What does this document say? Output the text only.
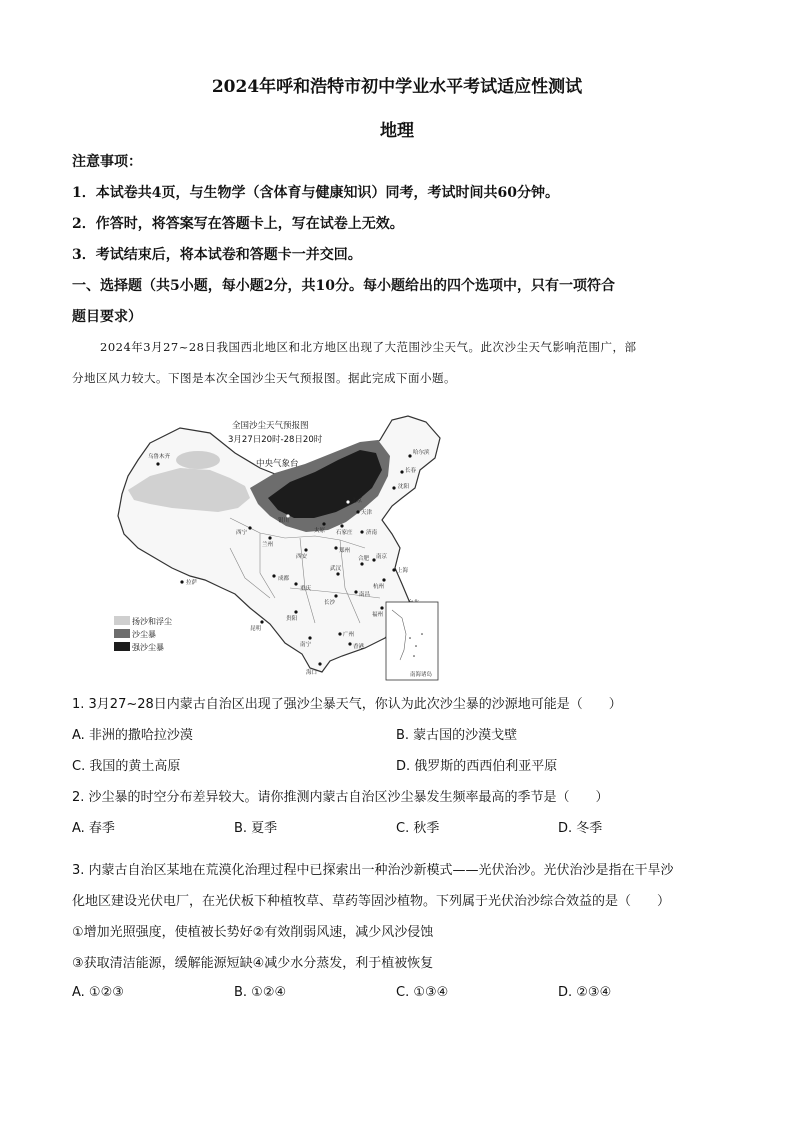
2024年呼和浩特市初中学业水平考试适应性测试
地理
注意事项：
1．本试卷共4页，与生物学（含体育与健康知识）同考，考试时间共60分钟。
2．作答时，将答案写在答题卡上，写在试卷上无效。
3．考试结束后，将本试卷和答题卡一并交回。
一、选择题（共5小题，每小题2分，共10分。每小题给出的四个选项中，只有一项符合
题目要求）
2024年3月27~28日我国西北地区和北方地区出现了大范围沙尘天气。此次沙尘天气影响范围广，部
分地区风力较大。下图是本次全国沙尘天气预报图。据此完成下面小题。
全国沙尘天气预报图
3月27日20时-28日20时
中央气象台
乌鲁木齐
哈尔滨
长春
沈阳
北京
天津
西宁
兰州
银川
太原 石家庄 济南
西安
郑州
拉萨
成都
重庆
武汉
合肥 南京
上海
杭州
长沙
南昌
福州
贵阳
昆明
南宁
广州
香港
海口
扬沙和浮尘
沙尘暴
强沙尘暴
南海诸岛
1. 3月27~28日内蒙古自治区出现了强沙尘暴天气，你认为此次沙尘暴的沙源地可能是（　　）
A. 非洲的撒哈拉沙漠	B. 蒙古国的沙漠戈壁
C. 我国的黄土高原	D. 俄罗斯的西西伯利亚平原
2. 沙尘暴的时空分布差异较大。请你推测内蒙古自治区沙尘暴发生频率最高的季节是（　　）
A. 春季	B. 夏季	C. 秋季	D. 冬季
3. 内蒙古自治区某地在荒漠化治理过程中已探索出一种治沙新模式——光伏治沙。光伏治沙是指在干旱沙
化地区建设光伏电厂，在光伏板下种植牧草、草药等固沙植物。下列属于光伏治沙综合效益的是（　　）
①增加光照强度，使植被长势好②有效削弱风速，减少风沙侵蚀
③获取清洁能源，缓解能源短缺④减少水分蒸发，利于植被恢复
A. ①②③	B. ①②④	C. ①③④	D. ②③④
